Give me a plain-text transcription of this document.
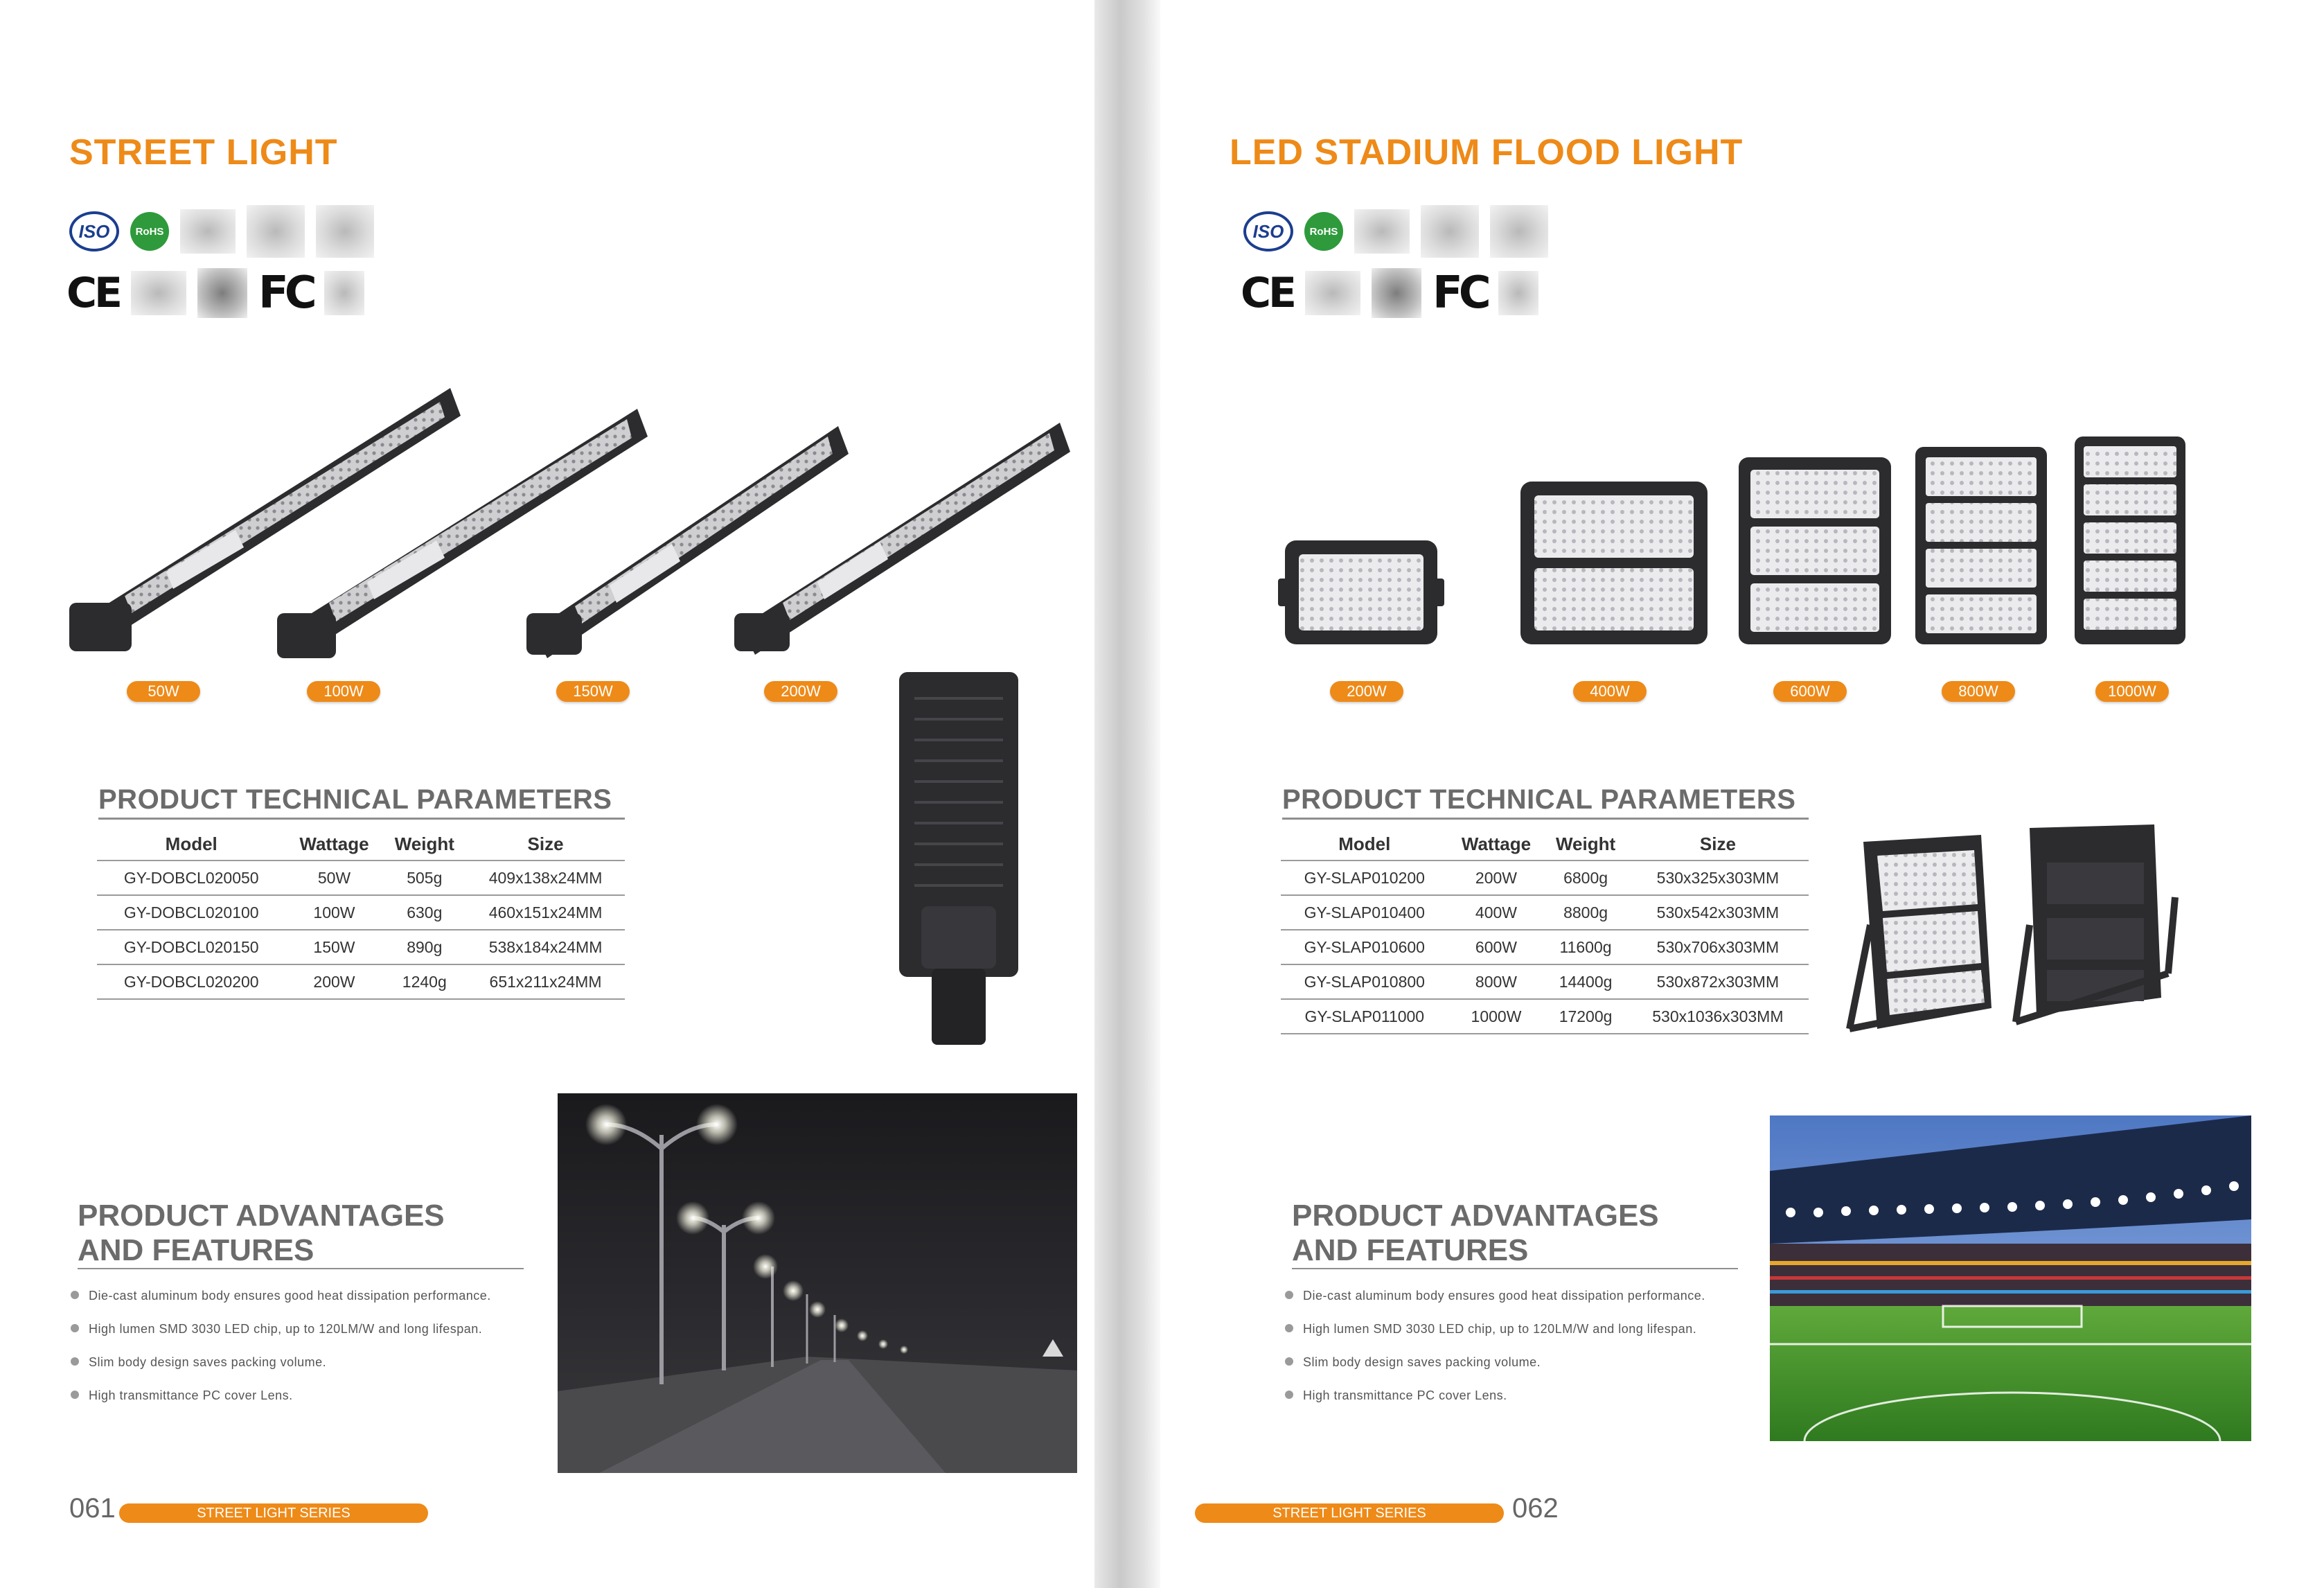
STREET LIGHT
ISO	RoHS
CE	FC
50W	100W	150W	200W
PRODUCT TECHNICAL PARAMETERS
Model	Wattage	Weight	Size
GY-DOBCL020050	50W	505g	409x138x24MM
GY-DOBCL020100	100W	630g	460x151x24MM
GY-DOBCL020150	150W	890g	538x184x24MM
GY-DOBCL020200	200W	1240g	651x211x24MM
PRODUCT ADVANTAGES
AND FEATURES
Die-cast aluminum body ensures good heat dissipation performance.
High lumen SMD 3030 LED chip, up to 120LM/W and long lifespan.
Slim body design saves packing volume.
High transmittance PC cover Lens.
061	STREET LIGHT SERIES
LED STADIUM FLOOD LIGHT
ISO	RoHS
CE	FC
200W	400W	600W	800W	1000W
PRODUCT TECHNICAL PARAMETERS
Model	Wattage	Weight	Size
GY-SLAP010200	200W	6800g	530x325x303MM
GY-SLAP010400	400W	8800g	530x542x303MM
GY-SLAP010600	600W	11600g	530x706x303MM
GY-SLAP010800	800W	14400g	530x872x303MM
GY-SLAP011000	1000W	17200g	530x1036x303MM
PRODUCT ADVANTAGES
AND FEATURES
Die-cast aluminum body ensures good heat dissipation performance.
High lumen SMD 3030 LED chip, up to 120LM/W and long lifespan.
Slim body design saves packing volume.
High transmittance PC cover Lens.
STREET LIGHT SERIES	062
